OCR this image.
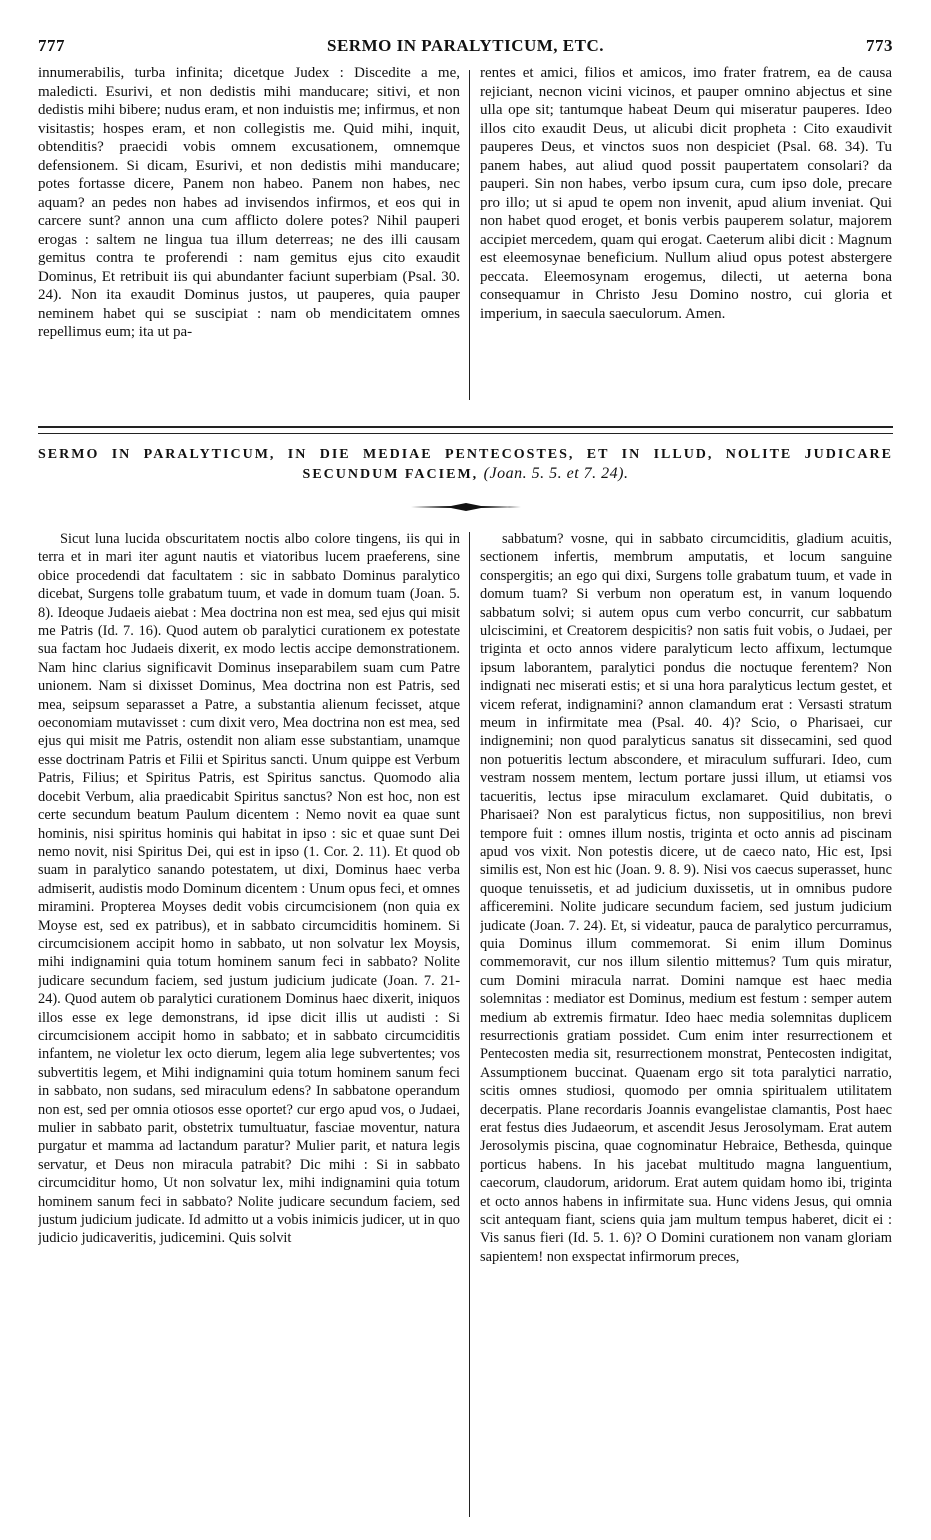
777	SERMO IN PARALYTICUM, ETC.	773

innumerabilis, turba infinita; dicetque Judex : Discedite a me, maledicti. Esurivi, et non dedistis mihi manducare; sitivi, et non dedistis mihi bibere; nudus eram, et non induistis me; infirmus, et non visitastis; hospes eram, et non collegistis me. Quid mihi, inquit, obtenditis? praecidi vobis omnem excusationem, omnemque defensionem. Si dicam, Esurivi, et non dedistis mihi manducare; potes fortasse dicere, Panem non habeo. Panem non habes, nec aquam? an pedes non habes ad invisendos infirmos, et eos qui in carcere sunt? annon una cum afflicto dolere potes? Nihil pauperi erogas : saltem ne lingua tua illum deterreas; ne des illi causam gemitus contra te proferendi : nam gemitus ejus cito exaudit Dominus, Et retribuit iis qui abundanter faciunt superbiam (Psal. 30. 24). Non ita exaudit Dominus justos, ut pauperes, quia pauper neminem habet qui se suscipiat : nam ob mendicitatem omnes repellimus eum; ita ut pa-

rentes et amici, filios et amicos, imo frater fratrem, ea de causa rejiciant, necnon vicini vicinos, et pauper omnino abjectus et sine ulla ope sit; tantumque habeat Deum qui miseratur pauperes. Ideo illos cito exaudit Deus, ut alicubi dicit propheta : Cito exaudivit pauperes Deus, et vinctos suos non despiciet (Psal. 68. 34). Tu panem habes, aut aliud quod possit paupertatem consolari? da pauperi. Sin non habes, verbo ipsum cura, cum ipso dole, precare pro illo; ut si apud te opem non invenit, apud alium inveniat. Qui non habet quod eroget, et bonis verbis pauperem solatur, majorem accipiet mercedem, quam qui erogat. Caeterum alibi dicit : Magnum est eleemosynae beneficium. Nullum aliud opus potest abstergere peccata. Eleemosynam erogemus, dilecti, ut aeterna bona consequamur in Christo Jesu Domino nostro, cui gloria et imperium, in saecula saeculorum. Amen.

SERMO IN PARALYTICUM, IN DIE MEDIAE PENTECOSTES, ET IN ILLUD, NOLITE JUDICARE SECUNDUM FACIEM, (Joan. 5. 5. et 7. 24).

Sicut luna lucida obscuritatem noctis albo colore tingens, iis qui in terra et in mari iter agunt nautis et viatoribus lucem praeferens, sine obice procedendi dat facultatem : sic in sabbato Dominus paralytico dicebat, Surgens tolle grabatum tuum, et vade in domum tuam (Joan. 5. 8). Ideoque Judaeis aiebat : Mea doctrina non est mea, sed ejus qui misit me Patris (Id. 7. 16). Quod autem ob paralytici curationem ex potestate sua factam hoc Judaeis dixerit, ex modo lectis accipe demonstrationem. Nam hinc clarius significavit Dominus inseparabilem suam cum Patre unionem. Nam si dixisset Dominus, Mea doctrina non est Patris, sed mea, seipsum separasset a Patre, a substantia alienum fecisset, atque oeconomiam mutavisset : cum dixit vero, Mea doctrina non est mea, sed ejus qui misit me Patris, ostendit non aliam esse substantiam, unamque esse doctrinam Patris et Filii et Spiritus sancti. Unum quippe est Verbum Patris, Filius; et Spiritus Patris, est Spiritus sanctus. Quomodo alia docebit Verbum, alia praedicabit Spiritus sanctus? Non est hoc, non est certe secundum beatum Paulum dicentem : Nemo novit ea quae sunt hominis, nisi spiritus hominis qui habitat in ipso : sic et quae sunt Dei nemo novit, nisi Spiritus Dei, qui est in ipso (1. Cor. 2. 11). Et quod ob suam in paralytico sanando potestatem, ut dixi, Dominus haec verba admiserit, audistis modo Dominum dicentem : Unum opus feci, et omnes miramini. Propterea Moyses dedit vobis circumcisionem (non quia ex Moyse est, sed ex patribus), et in sabbato circumciditis hominem. Si circumcisionem accipit homo in sabbato, ut non solvatur lex Moysis, mihi indignamini quia totum hominem sanum feci in sabbato? Nolite judicare secundum faciem, sed justum judicium judicate (Joan. 7. 21-24). Quod autem ob paralytici curationem Dominus haec dixerit, iniquos illos esse ex lege demonstrans, id ipse dicit illis ut audisti : Si circumcisionem accipit homo in sabbato; et in sabbato circumciditis infantem, ne violetur lex octo dierum, legem alia lege subvertentes; vos subvertitis legem, et Mihi indignamini quia totum hominem sanum feci in sabbato, non sudans, sed miraculum edens? In sabbatone operandum non est, sed per omnia otiosos esse oportet? cur ergo apud vos, o Judaei, mulier in sabbato parit, obstetrix tumultuatur, fasciae moventur, natura purgatur et mamma ad lactandum paratur? Mulier parit, et natura legis servatur, et Deus non miracula patrabit? Dic mihi : Si in sabbato circumciditur homo, Ut non solvatur lex, mihi indignamini quia totum hominem sanum feci in sabbato? Nolite judicare secundum faciem, sed justum judicium judicate. Id admitto ut a vobis inimicis judicer, ut in quo judicio judicaveritis, judicemini. Quis solvit

sabbatum? vosne, qui in sabbato circumciditis, gladium acuitis, sectionem infertis, membrum amputatis, et locum sanguine conspergitis; an ego qui dixi, Surgens tolle grabatum tuum, et vade in domum tuam? Si verbum non operatum est, in vanum loquendo sabbatum solvi; si autem opus cum verbo concurrit, cur sabbatum ulciscimini, et Creatorem despicitis? non satis fuit vobis, o Judaei, per triginta et octo annos videre paralyticum lecto affixum, lectumque ipsum laborantem, paralytici pondus die noctuque ferentem? Non indignati nec miserati estis; et si una hora paralyticus lectum gestet, et vicem referat, indignamini? annon clamandum erat : Versasti stratum meum in infirmitate mea (Psal. 40. 4)? Scio, o Pharisaei, cur indignemini; non quod paralyticus sanatus sit dissecamini, sed quod non potueritis lectum abscondere, et miraculum suffurari. Ideo, cum vestram nossem mentem, lectum portare jussi illum, ut etiamsi vos tacueritis, lectus ipse miraculum exclamaret. Quid dubitatis, o Pharisaei? Non est paralyticus fictus, non suppositilius, non brevi tempore fuit : omnes illum nostis, triginta et octo annis ad piscinam apud vos vixit. Non potestis dicere, ut de caeco nato, Hic est, Ipsi similis est, Non est hic (Joan. 9. 8. 9). Nisi vos caecus superasset, hunc quoque tenuissetis, et ad judicium duxissetis, ut in omnibus pudore afficeremini. Nolite judicare secundum faciem, sed justum judicium judicate (Joan. 7. 24). Et, si videatur, pauca de paralytico percurramus, quia Dominus illum commemorat. Si enim illum Dominus commemoravit, cur nos illum silentio mittemus? Tum quis miratur, cum Domini miracula narrat. Domini namque est haec media solemnitas : mediator est Dominus, medium est festum : semper autem medium ab extremis firmatur. Ideo haec media solemnitas duplicem resurrectionis gratiam possidet. Cum enim inter resurrectionem et Pentecosten media sit, resurrectionem monstrat, Pentecosten indigitat, Assumptionem buccinat. Quaenam ergo sit tota paralytici narratio, scitis omnes studiosi, quomodo per omnia spiritualem utilitatem decerpatis. Plane recordaris Joannis evangelistae clamantis, Post haec erat festus dies Judaeorum, et ascendit Jesus Jerosolymam. Erat autem Jerosolymis piscina, quae cognominatur Hebraice, Bethesda, quinque porticus habens. In his jacebat multitudo magna languentium, caecorum, claudorum, aridorum. Erat autem quidam homo ibi, triginta et octo annos habens in infirmitate sua. Hunc videns Jesus, qui omnia scit antequam fiant, sciens quia jam multum tempus haberet, dicit ei : Vis sanus fieri (Id. 5. 1. 6)? O Domini curationem non vanam gloriam sapientem! non exspectat infirmorum preces,
